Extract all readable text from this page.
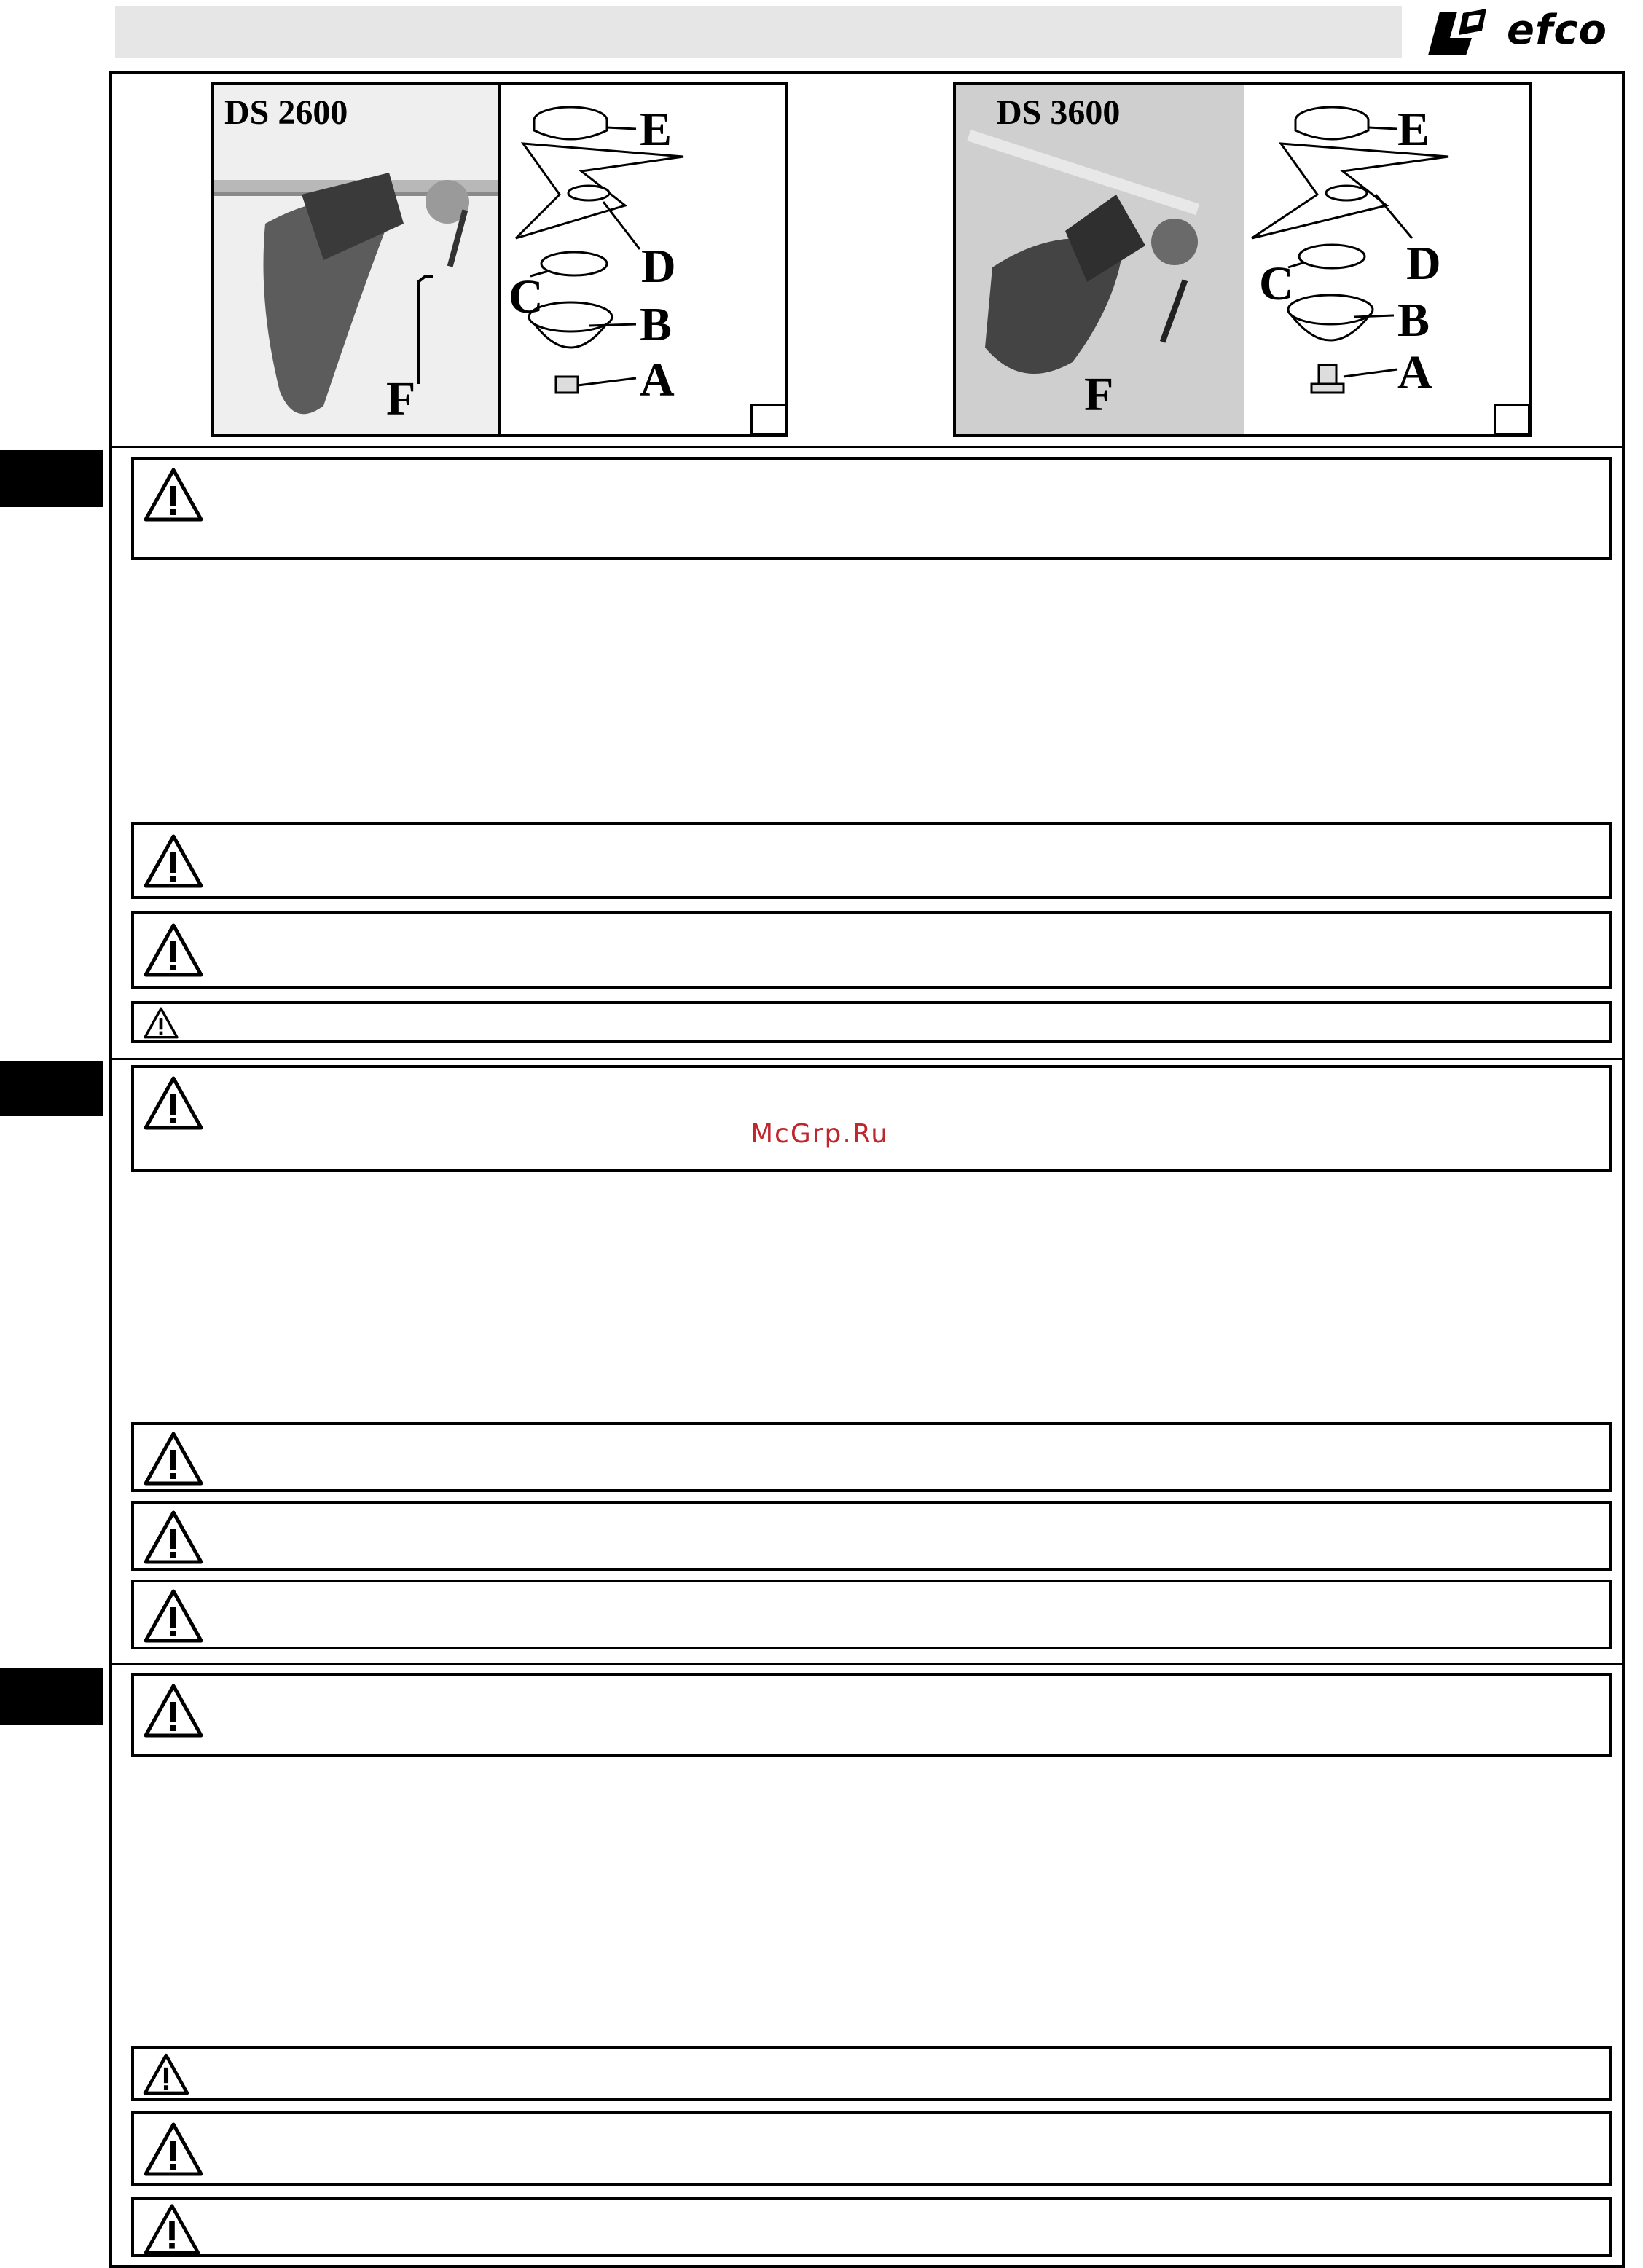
efco
DS 2600
F
E
D
C
B
A
DS 3600
F
E
D
C
B
A
McGrp.Ru
